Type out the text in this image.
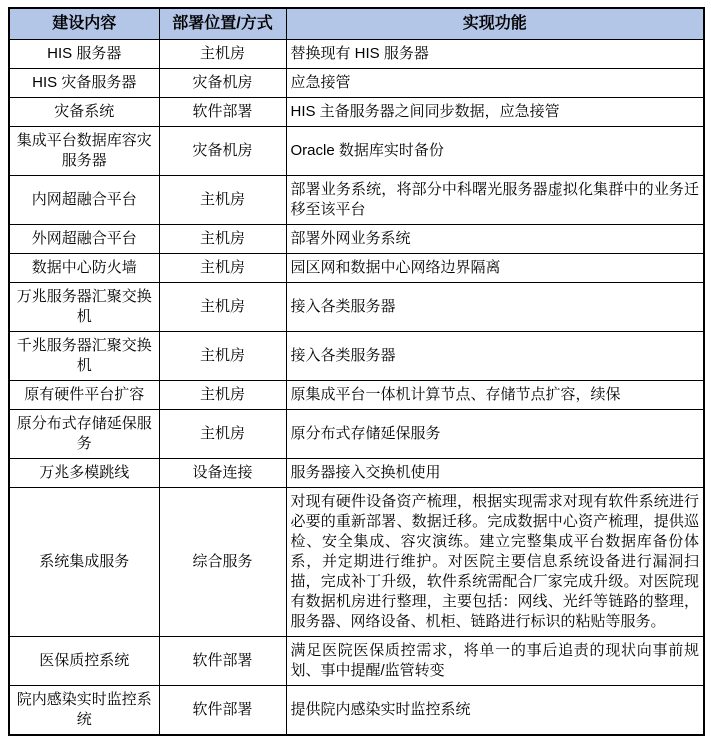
建设内容	部署位置/方式	实现功能
HIS 服务器	主机房	替换现有 HIS 服务器
HIS 灾备服务器	灾备机房	应急接管
灾备系统	软件部署	HIS 主备服务器之间同步数据，应急接管
集成平台数据库容灾服务器	灾备机房	Oracle 数据库实时备份
内网超融合平台	主机房	部署业务系统，将部分中科曙光服务器虚拟化集群中的业务迁移至该平台
外网超融合平台	主机房	部署外网业务系统
数据中心防火墙	主机房	园区网和数据中心网络边界隔离
万兆服务器汇聚交换机	主机房	接入各类服务器
千兆服务器汇聚交换机	主机房	接入各类服务器
原有硬件平台扩容	主机房	原集成平台一体机计算节点、存储节点扩容，续保
原分布式存储延保服务	主机房	原分布式存储延保服务
万兆多模跳线	设备连接	服务器接入交换机使用
系统集成服务	综合服务	对现有硬件设备资产梳理，根据实现需求对现有软件系统进行必要的重新部署、数据迁移。完成数据中心资产梳理，提供巡检、安全集成、容灾演练。建立完整集成平台数据库备份体系，并定期进行维护。对医院主要信息系统设备进行漏洞扫描，完成补丁升级，软件系统需配合厂家完成升级。对医院现有数据机房进行整理，主要包括：网线、光纤等链路的整理，服务器、网络设备、机柜、链路进行标识的粘贴等服务。
医保质控系统	软件部署	满足医院医保质控需求，将单一的事后追责的现状向事前规划、事中提醒/监管转变
院内感染实时监控系统	软件部署	提供院内感染实时监控系统
